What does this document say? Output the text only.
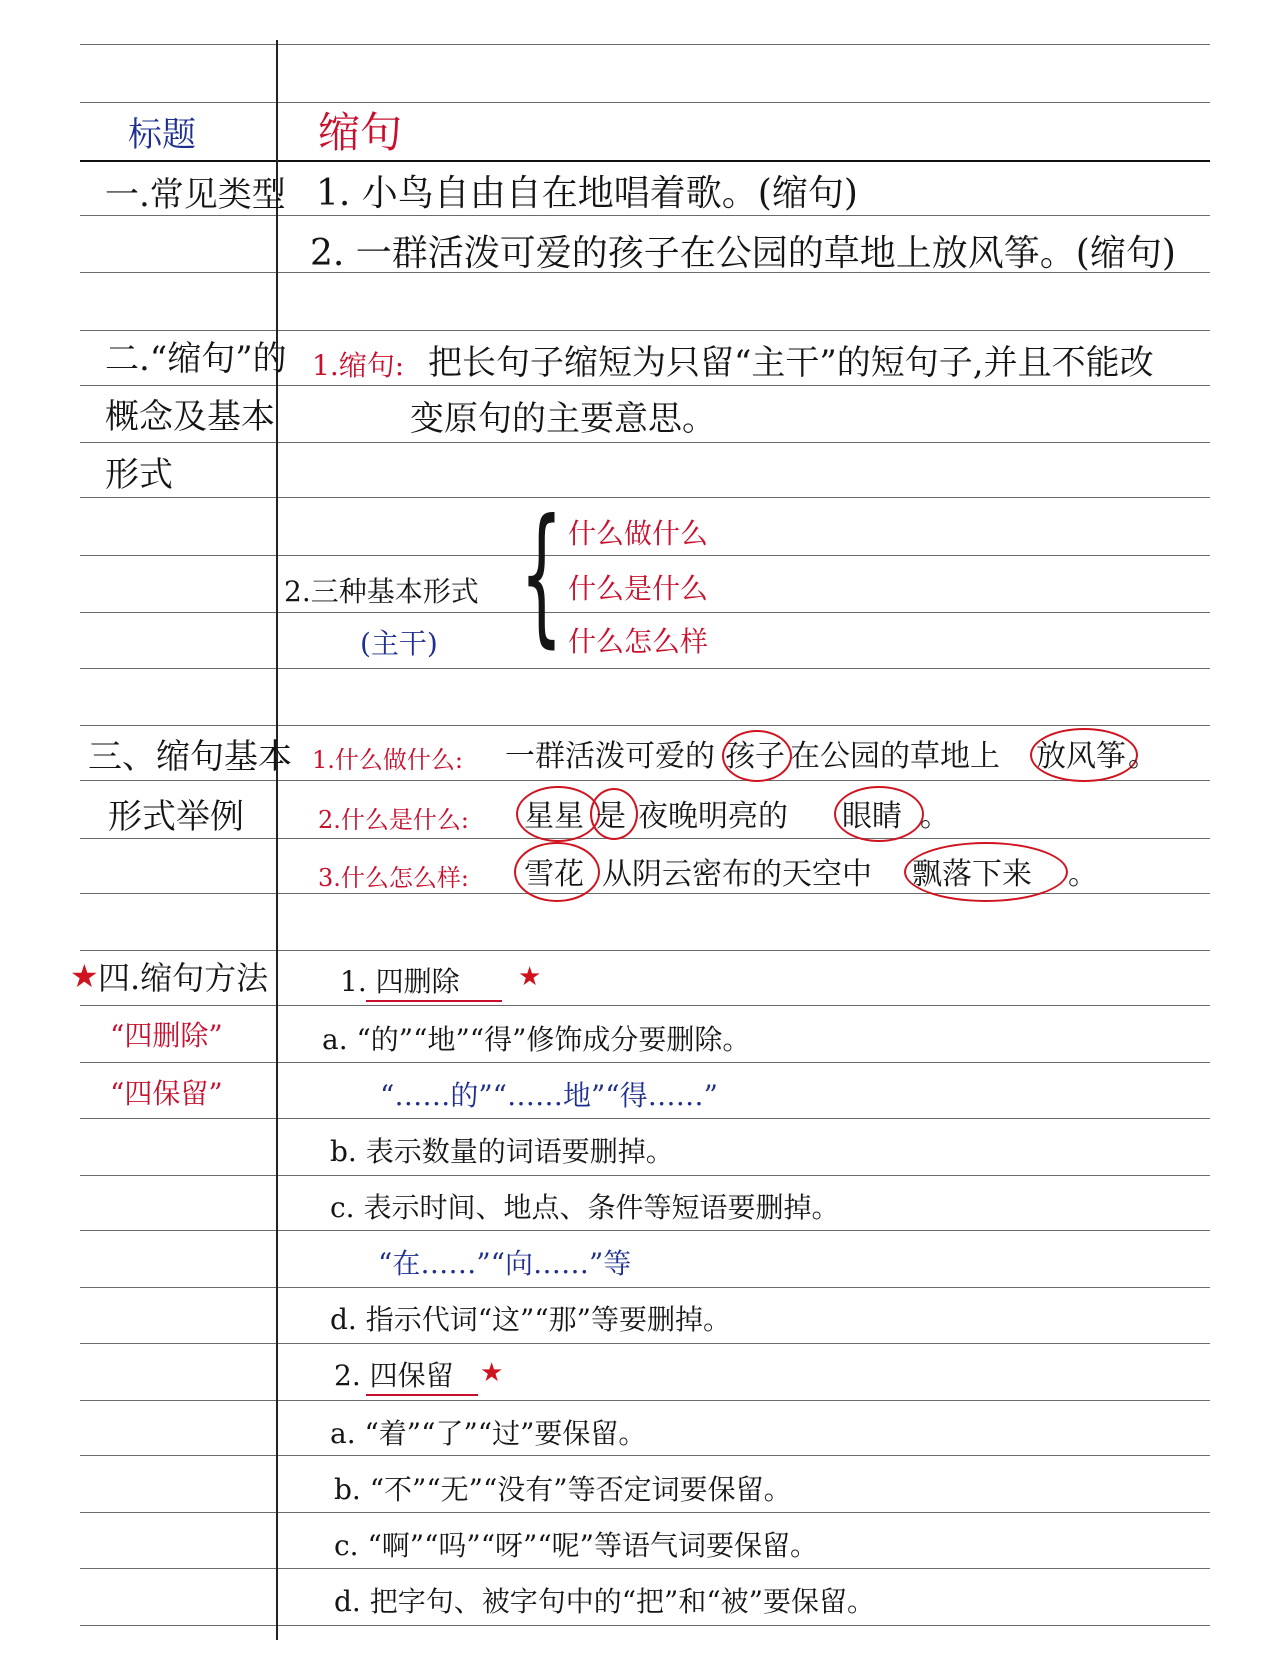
标题	缩句
一.常见类型 1. 小鸟自由自在地唱着歌。(缩句)
2. 一群活泼可爱的孩子在公园的草地上放风筝。(缩句)
二.“缩句”的
概念及基本
形式
1.缩句: 把长句子缩短为只留“主干”的短句子,并且不能改
变原句的主要意思。
2.三种基本形式
(主干) { 什么做什么
什么是什么
什么怎么样
三、缩句基本
形式举例
1.什么做什么: 一群活泼可爱的 孩子 在公园的草地上 放风筝 。
2.什么是什么: 星星 是 夜晚明亮的 眼睛 。
3.什么怎么样: 雪花 从阴云密布的天空中 飘落下来 。
★ 四.缩句方法
“四删除”
“四保留”
1. 四删除 ★
a. “的”“地”“得”修饰成分要删除。
“……的”“……地”“得……”
b. 表示数量的词语要删掉。
c. 表示时间、地点、条件等短语要删掉。
“在……”“向……”等
d. 指示代词“这”“那”等要删掉。
2. 四保留 ★
a. “着”“了”“过”要保留。
b. “不”“无”“没有”等否定词要保留。
c. “啊”“吗”“呀”“呢”等语气词要保留。
d. 把字句、被字句中的“把”和“被”要保留。
